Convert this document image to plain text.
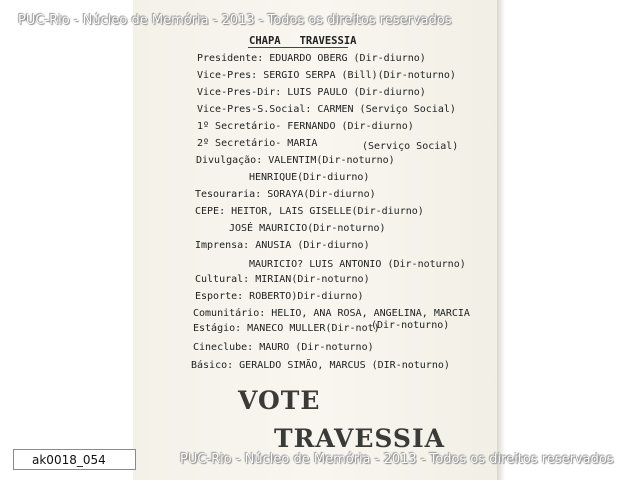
PUC-Rio - Núcleo de Memória - 2013 - Todos os direitos reservados
CHAPA   TRAVESSIA
Presidente: EDUARDO OBERG (Dir-diurno)
Vice-Pres: SERGIO SERPA (Bill)(Dir-noturno)
Vice-Pres-Dir: LUIS PAULO (Dir-diurno)
Vice-Pres-S.Social: CARMEN (Serviço Social)
1º Secretário- FERNANDO (Dir-diurno)
2º Secretário- MARIA	(Serviço Social)
Divulgação: VALENTIM(Dir-noturno)
HENRIQUE(Dir-diurno)
Tesouraria: SORAYA(Dir-diurno)
CEPE: HEITOR, LAIS GISELLE(Dir-diurno)
JOSÉ MAURICIO(Dir-noturno)
Imprensa: ANUSIA (Dir-diurno)
MAURICIO? LUIS ANTONIO (Dir-noturno)
Cultural: MIRIAN(Dir-noturno)
Esporte: ROBERTO)Dir-diurno)
Comunitário: HELIO, ANA ROSA, ANGELINA, MARCIA
Estágio: MANECO MULLER(Dir-not)
(Dir-noturno)
Cineclube: MAURO (Dir-noturno)
Básico: GERALDO SIMÃO, MARCUS (DIR-noturno)
VOTE
TRAVESSIA
PUC-Rio - Núcleo de Memória - 2013 - Todos os direitos reservados
ak0018_054
